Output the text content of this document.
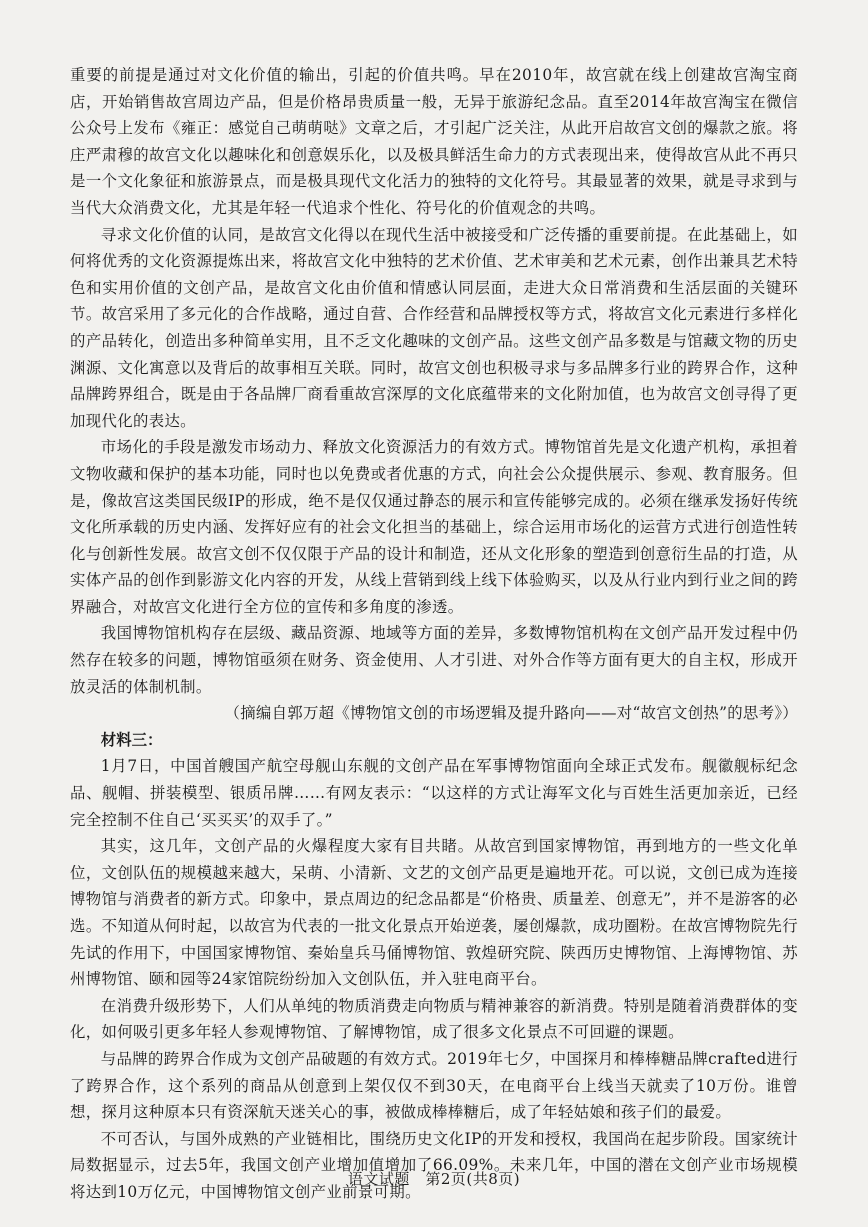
重要的前提是通过对文化价值的输出，引起的价值共鸣。早在2010年，故宫就在线上创建故宫淘宝商店，开始销售故宫周边产品，但是价格昂贵质量一般，无异于旅游纪念品。直至2014年故宫淘宝在微信公众号上发布《雍正：感觉自己萌萌哒》文章之后，才引起广泛关注，从此开启故宫文创的爆款之旅。将庄严肃穆的故宫文化以趣味化和创意娱乐化，以及极具鲜活生命力的方式表现出来，使得故宫从此不再只是一个文化象征和旅游景点，而是极具现代文化活力的独特的文化符号。其最显著的效果，就是寻求到与当代大众消费文化，尤其是年轻一代追求个性化、符号化的价值观念的共鸣。

寻求文化价值的认同，是故宫文化得以在现代生活中被接受和广泛传播的重要前提。在此基础上，如何将优秀的文化资源提炼出来，将故宫文化中独特的艺术价值、艺术审美和艺术元素，创作出兼具艺术特色和实用价值的文创产品，是故宫文化由价值和情感认同层面，走进大众日常消费和生活层面的关键环节。故宫采用了多元化的合作战略，通过自营、合作经营和品牌授权等方式，将故宫文化元素进行多样化的产品转化，创造出多种简单实用，且不乏文化趣味的文创产品。这些文创产品多数是与馆藏文物的历史渊源、文化寓意以及背后的故事相互关联。同时，故宫文创也积极寻求与多品牌多行业的跨界合作，这种品牌跨界组合，既是由于各品牌厂商看重故宫深厚的文化底蕴带来的文化附加值，也为故宫文创寻得了更加现代化的表达。

市场化的手段是激发市场动力、释放文化资源活力的有效方式。博物馆首先是文化遗产机构，承担着文物收藏和保护的基本功能，同时也以免费或者优惠的方式，向社会公众提供展示、参观、教育服务。但是，像故宫这类国民级IP的形成，绝不是仅仅通过静态的展示和宣传能够完成的。必须在继承发扬好传统文化所承载的历史内涵、发挥好应有的社会文化担当的基础上，综合运用市场化的运营方式进行创造性转化与创新性发展。故宫文创不仅仅限于产品的设计和制造，还从文化形象的塑造到创意衍生品的打造，从实体产品的创作到影游文化内容的开发，从线上营销到线上线下体验购买，以及从行业内到行业之间的跨界融合，对故宫文化进行全方位的宣传和多角度的渗透。

我国博物馆机构存在层级、藏品资源、地域等方面的差异，多数博物馆机构在文创产品开发过程中仍然存在较多的问题，博物馆亟须在财务、资金使用、人才引进、对外合作等方面有更大的自主权，形成开放灵活的体制机制。

（摘编自郭万超《博物馆文创的市场逻辑及提升路向——对“故宫文创热”的思考》）

材料三：

1月7日，中国首艘国产航空母舰山东舰的文创产品在军事博物馆面向全球正式发布。舰徽舰标纪念品、舰帽、拼装模型、银质吊牌……有网友表示：“以这样的方式让海军文化与百姓生活更加亲近，已经完全控制不住自己‘买买买’的双手了。”

其实，这几年，文创产品的火爆程度大家有目共睹。从故宫到国家博物馆，再到地方的一些文化单位，文创队伍的规模越来越大，呆萌、小清新、文艺的文创产品更是遍地开花。可以说，文创已成为连接博物馆与消费者的新方式。印象中，景点周边的纪念品都是“价格贵、质量差、创意无”，并不是游客的必选。不知道从何时起，以故宫为代表的一批文化景点开始逆袭，屡创爆款，成功圈粉。在故宫博物院先行先试的作用下，中国国家博物馆、秦始皇兵马俑博物馆、敦煌研究院、陕西历史博物馆、上海博物馆、苏州博物馆、颐和园等24家馆院纷纷加入文创队伍，并入驻电商平台。

在消费升级形势下，人们从单纯的物质消费走向物质与精神兼容的新消费。特别是随着消费群体的变化，如何吸引更多年轻人参观博物馆、了解博物馆，成了很多文化景点不可回避的课题。

与品牌的跨界合作成为文创产品破题的有效方式。2019年七夕，中国探月和棒棒糖品牌crafted进行了跨界合作，这个系列的商品从创意到上架仅仅不到30天，在电商平台上线当天就卖了10万份。谁曾想，探月这种原本只有资深航天迷关心的事，被做成棒棒糖后，成了年轻姑娘和孩子们的最爱。

不可否认，与国外成熟的产业链相比，围绕历史文化IP的开发和授权，我国尚在起步阶段。国家统计局数据显示，过去5年，我国文创产业增加值增加了66.09%。未来几年，中国的潜在文创产业市场规模将达到10万亿元，中国博物馆文创产业前景可期。

语文试题　第2页(共8页)
